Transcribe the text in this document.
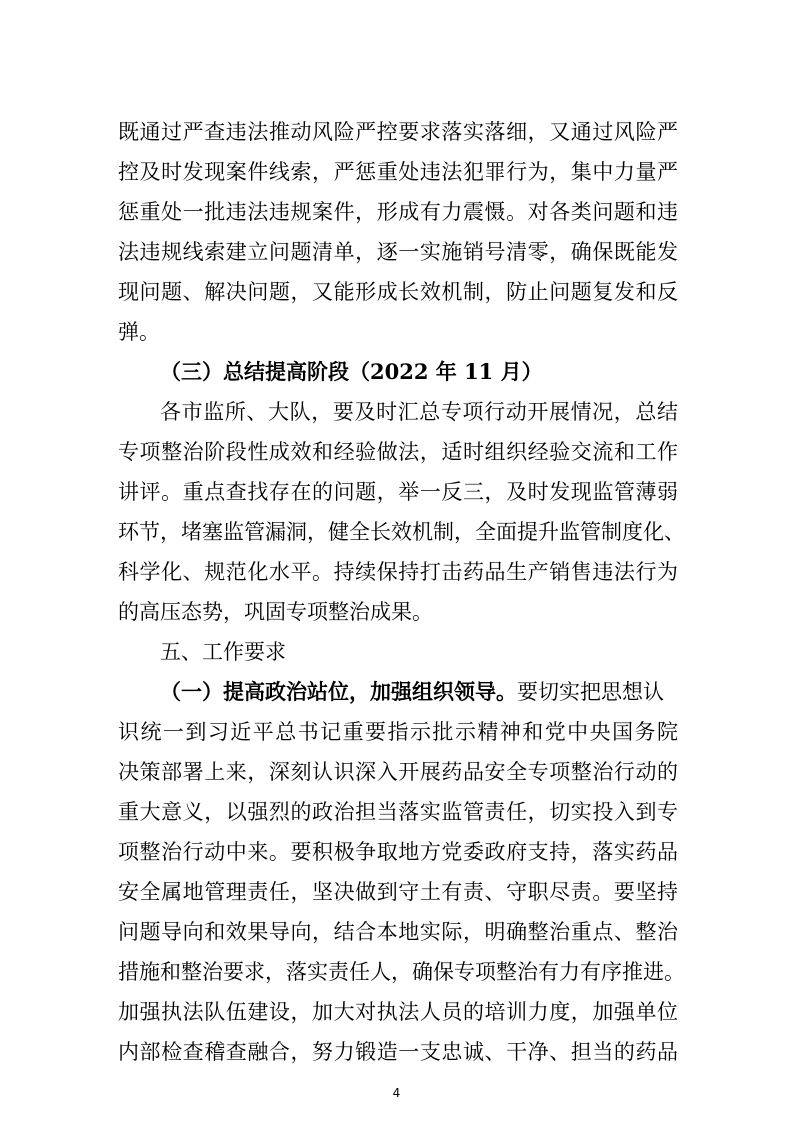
既通过严查违法推动风险严控要求落实落细，又通过风险严
控及时发现案件线索，严惩重处违法犯罪行为，集中力量严
惩重处一批违法违规案件，形成有力震慑。对各类问题和违
法违规线索建立问题清单，逐一实施销号清零，确保既能发
现问题、解决问题，又能形成长效机制，防止问题复发和反
弹。
（三）总结提高阶段（2022 年 11 月）
各市监所、大队，要及时汇总专项行动开展情况，总结
专项整治阶段性成效和经验做法，适时组织经验交流和工作
讲评。重点查找存在的问题，举一反三，及时发现监管薄弱
环节，堵塞监管漏洞，健全长效机制，全面提升监管制度化、
科学化、规范化水平。持续保持打击药品生产销售违法行为
的高压态势，巩固专项整治成果。
五、工作要求
（一）提高政治站位，加强组织领导。要切实把思想认
识统一到习近平总书记重要指示批示精神和党中央国务院
决策部署上来，深刻认识深入开展药品安全专项整治行动的
重大意义，以强烈的政治担当落实监管责任，切实投入到专
项整治行动中来。要积极争取地方党委政府支持，落实药品
安全属地管理责任，坚决做到守土有责、守职尽责。要坚持
问题导向和效果导向，结合本地实际，明确整治重点、整治
措施和整治要求，落实责任人，确保专项整治有力有序推进。
加强执法队伍建设，加大对执法人员的培训力度，加强单位
内部检查稽查融合，努力锻造一支忠诚、干净、担当的药品
4
